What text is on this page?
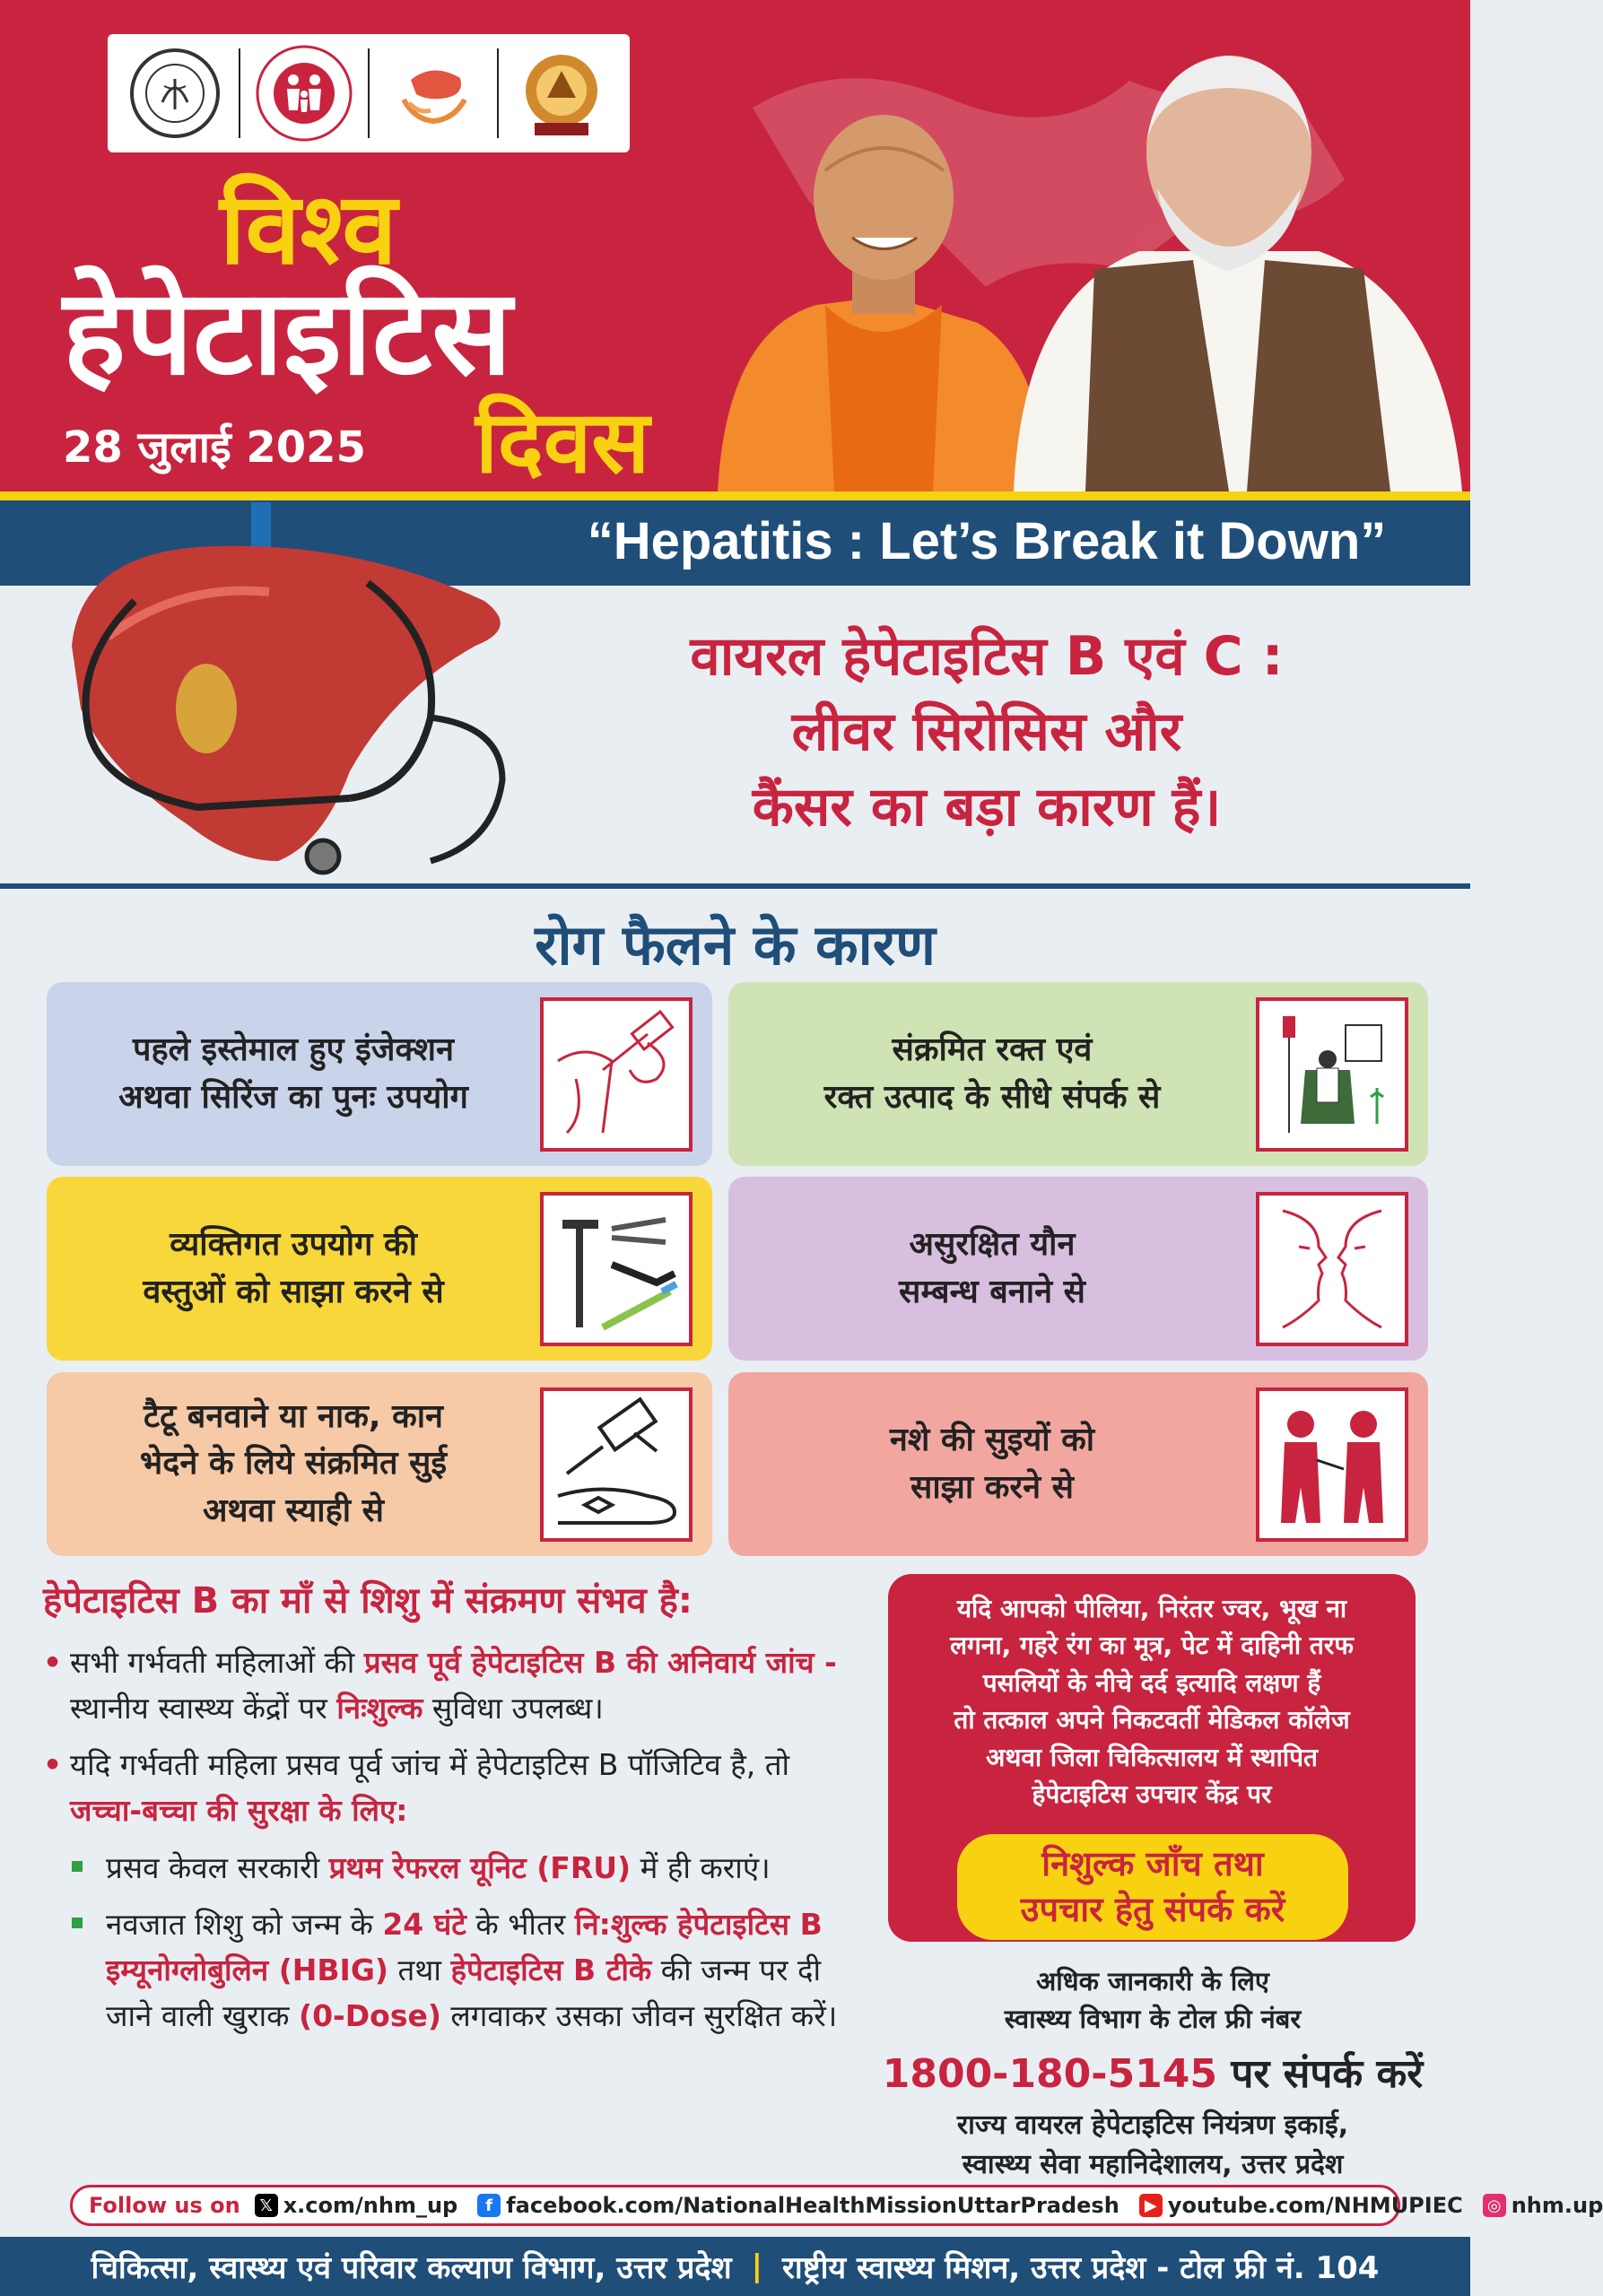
विश्व
हेपेटाइटिस
28 जुलाई 2025 दिवस
“Hepatitis : Let’s Break it Down”
वायरल हेपेटाइटिस B एवं C :
लीवर सिरोसिस और
कैंसर का बड़ा कारण हैं।
रोग फैलने के कारण
पहले इस्तेमाल हुए इंजेक्शन
अथवा सिरिंज का पुनः उपयोग
संक्रमित रक्त एवं
रक्त उत्पाद के सीधे संपर्क से
व्यक्तिगत उपयोग की
वस्तुओं को साझा करने से
असुरक्षित यौन
सम्बन्ध बनाने से
टैटू बनवाने या नाक, कान
भेदने के लिये संक्रमित सुई
अथवा स्याही से
नशे की सुइयों को
साझा करने से
हेपेटाइटिस B का माँ से शिशु में संक्रमण संभव है:

• सभी गर्भवती महिलाओं की प्रसव पूर्व हेपेटाइटिस B की अनिवार्य जांच - स्थानीय स्वास्थ्य केंद्रों पर निःशुल्क सुविधा उपलब्ध।

• यदि गर्भवती महिला प्रसव पूर्व जांच में हेपेटाइटिस B पॉजिटिव है, तो जच्चा-बच्चा की सुरक्षा के लिए:

प्रसव केवल सरकारी प्रथम रेफरल यूनिट (FRU) में ही कराएं।

नवजात शिशु को जन्म के 24 घंटे के भीतर नि:शुल्क हेपेटाइटिस B इम्यूनोग्लोबुलिन (HBIG) तथा हेपेटाइटिस B टीके की जन्म पर दी जाने वाली खुराक (0-Dose) लगवाकर उसका जीवन सुरक्षित करें।

यदि आपको पीलिया, निरंतर ज्वर, भूख ना
लगना, गहरे रंग का मूत्र, पेट में दाहिनी तरफ
पसलियों के नीचे दर्द इत्यादि लक्षण हैं
तो तत्काल अपने निकटवर्ती मेडिकल कॉलेज
अथवा जिला चिकित्सालय में स्थापित
हेपेटाइटिस उपचार केंद्र पर
निशुल्क जाँच तथा
उपचार हेतु संपर्क करें
अधिक जानकारी के लिए
स्वास्थ्य विभाग के टोल फ्री नंबर
1800-180-5145 पर संपर्क करें
राज्य वायरल हेपेटाइटिस नियंत्रण इकाई,
स्वास्थ्य सेवा महानिदेशालय, उत्तर प्रदेश
Follow us on	𝕏 x.com/nhm_up	f facebook.com/NationalHealthMissionUttarPradesh	▶ youtube.com/NHMUPIEC ◎ nhm.up
चिकित्सा, स्वास्थ्य एवं परिवार कल्याण विभाग, उत्तर प्रदेश | राष्ट्रीय स्वास्थ्य मिशन, उत्तर प्रदेश - टोल फ्री नं. 104
